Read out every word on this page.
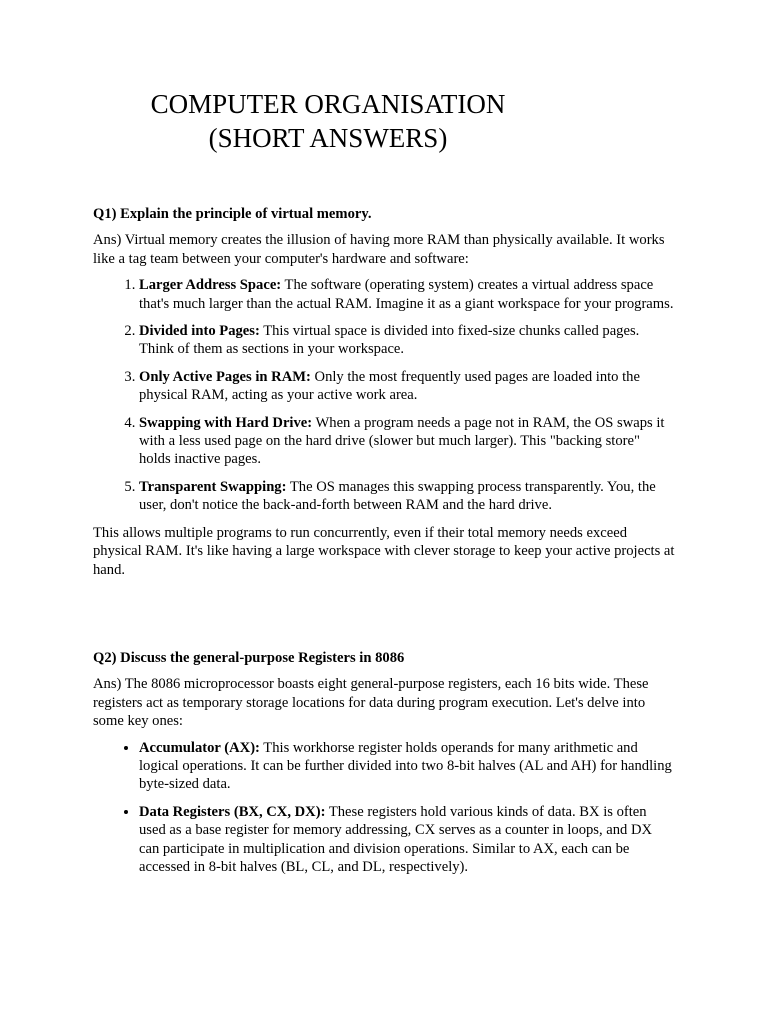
COMPUTER ORGANISATION
(SHORT ANSWERS)
Q1) Explain the principle of virtual memory.

Ans) Virtual memory creates the illusion of having more RAM than physically available. It works like a tag team between your computer's hardware and software:

1. Larger Address Space: The software (operating system) creates a virtual address space that's much larger than the actual RAM. Imagine it as a giant workspace for your programs.
2. Divided into Pages: This virtual space is divided into fixed-size chunks called pages. Think of them as sections in your workspace.
3. Only Active Pages in RAM: Only the most frequently used pages are loaded into the physical RAM, acting as your active work area.
4. Swapping with Hard Drive: When a program needs a page not in RAM, the OS swaps it with a less used page on the hard drive (slower but much larger). This "backing store" holds inactive pages.
5. Transparent Swapping: The OS manages this swapping process transparently. You, the user, don't notice the back-and-forth between RAM and the hard drive.

This allows multiple programs to run concurrently, even if their total memory needs exceed physical RAM. It's like having a large workspace with clever storage to keep your active projects at hand.

Q2) Discuss the general-purpose Registers in 8086

Ans) The 8086 microprocessor boasts eight general-purpose registers, each 16 bits wide. These registers act as temporary storage locations for data during program execution. Let's delve into some key ones:

• Accumulator (AX): This workhorse register holds operands for many arithmetic and logical operations. It can be further divided into two 8-bit halves (AL and AH) for handling byte-sized data.
• Data Registers (BX, CX, DX): These registers hold various kinds of data. BX is often used as a base register for memory addressing, CX serves as a counter in loops, and DX can participate in multiplication and division operations. Similar to AX, each can be accessed in 8-bit halves (BL, CL, and DL, respectively).
